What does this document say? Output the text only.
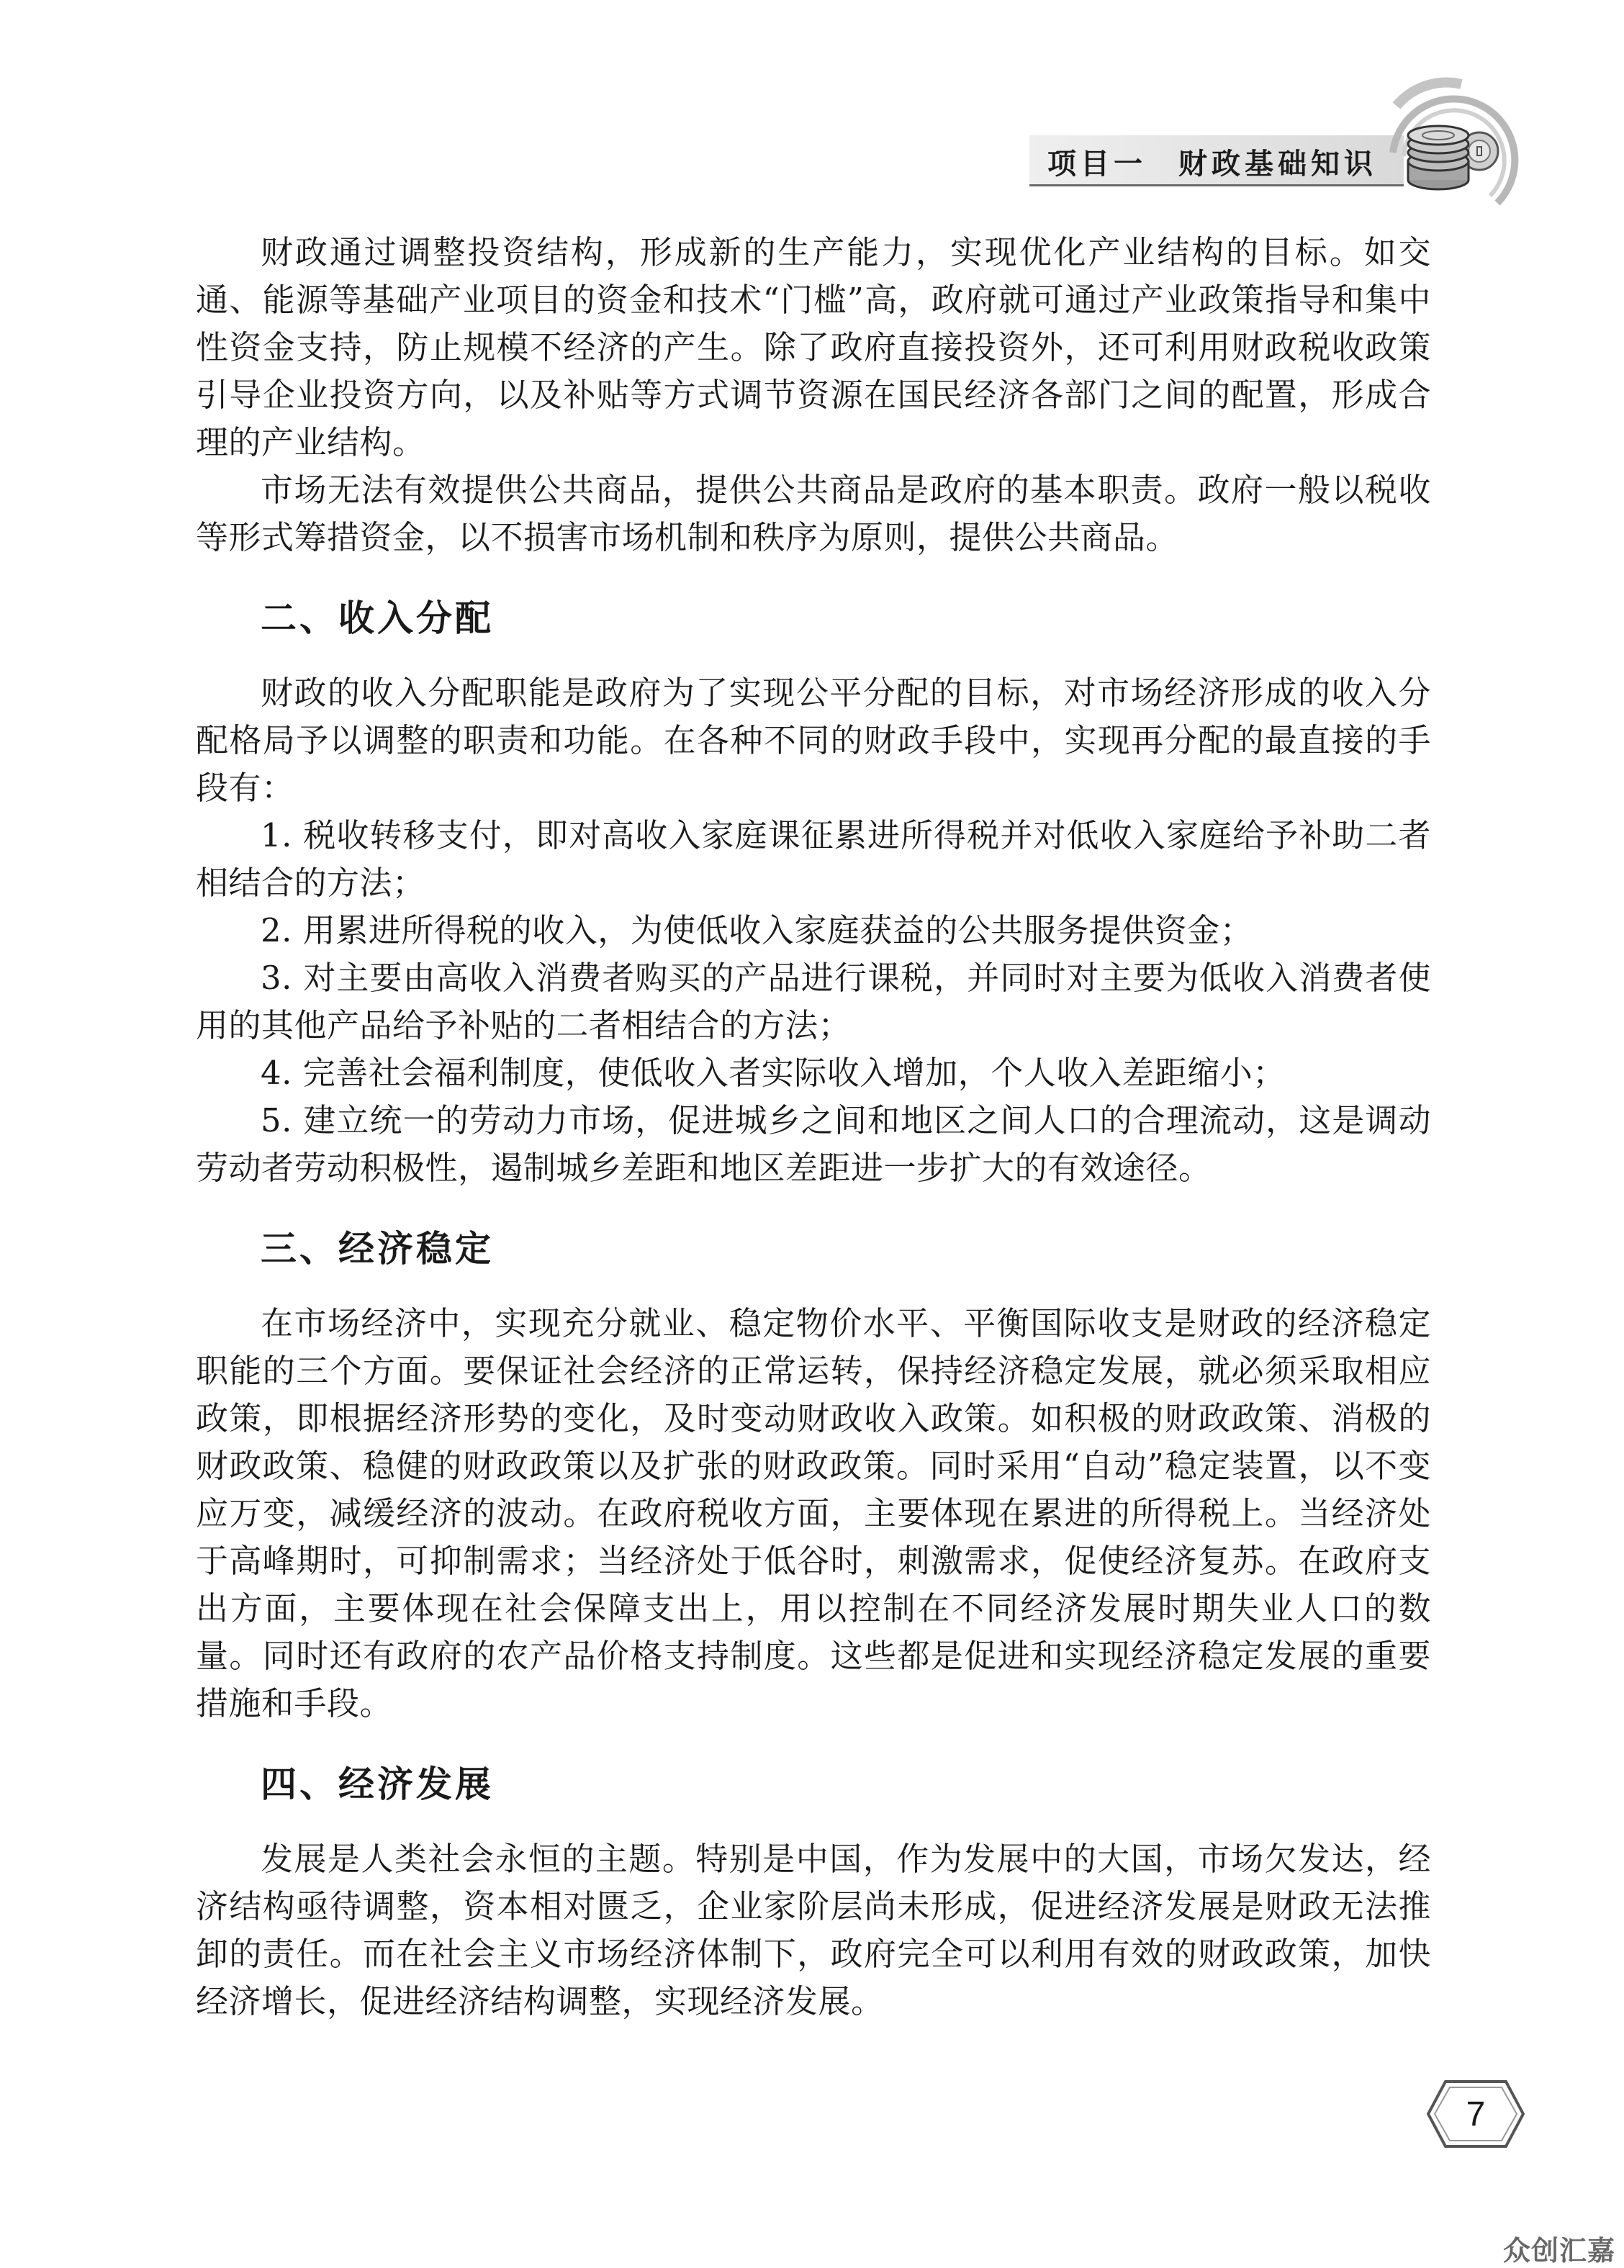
项目一 财政基础知识

财政通过调整投资结构，形成新的生产能力，实现优化产业结构的目标。如交通、能源等基础产业项目的资金和技术“门槛”高，政府就可通过产业政策指导和集中性资金支持，防止规模不经济的产生。除了政府直接投资外，还可利用财政税收政策引导企业投资方向，以及补贴等方式调节资源在国民经济各部门之间的配置，形成合理的产业结构。

市场无法有效提供公共商品，提供公共商品是政府的基本职责。政府一般以税收等形式筹措资金，以不损害市场机制和秩序为原则，提供公共商品。

二、收入分配

财政的收入分配职能是政府为了实现公平分配的目标，对市场经济形成的收入分配格局予以调整的职责和功能。在各种不同的财政手段中，实现再分配的最直接的手段有：

1. 税收转移支付，即对高收入家庭课征累进所得税并对低收入家庭给予补助二者相结合的方法；

2. 用累进所得税的收入，为使低收入家庭获益的公共服务提供资金；

3. 对主要由高收入消费者购买的产品进行课税，并同时对主要为低收入消费者使用的其他产品给予补贴的二者相结合的方法；

4. 完善社会福利制度，使低收入者实际收入增加，个人收入差距缩小；

5. 建立统一的劳动力市场，促进城乡之间和地区之间人口的合理流动，这是调动劳动者劳动积极性，遏制城乡差距和地区差距进一步扩大的有效途径。

三、经济稳定

在市场经济中，实现充分就业、稳定物价水平、平衡国际收支是财政的经济稳定职能的三个方面。要保证社会经济的正常运转，保持经济稳定发展，就必须采取相应政策，即根据经济形势的变化，及时变动财政收入政策。如积极的财政政策、消极的财政政策、稳健的财政政策以及扩张的财政政策。同时采用“自动”稳定装置，以不变应万变，减缓经济的波动。在政府税收方面，主要体现在累进的所得税上。当经济处于高峰期时，可抑制需求；当经济处于低谷时，刺激需求，促使经济复苏。在政府支出方面，主要体现在社会保障支出上，用以控制在不同经济发展时期失业人口的数量。同时还有政府的农产品价格支持制度。这些都是促进和实现经济稳定发展的重要措施和手段。

四、经济发展

发展是人类社会永恒的主题。特别是中国，作为发展中的大国，市场欠发达，经济结构亟待调整，资本相对匮乏，企业家阶层尚未形成，促进经济发展是财政无法推卸的责任。而在社会主义市场经济体制下，政府完全可以利用有效的财政政策，加快经济增长，促进经济结构调整，实现经济发展。

7
众创汇嘉
